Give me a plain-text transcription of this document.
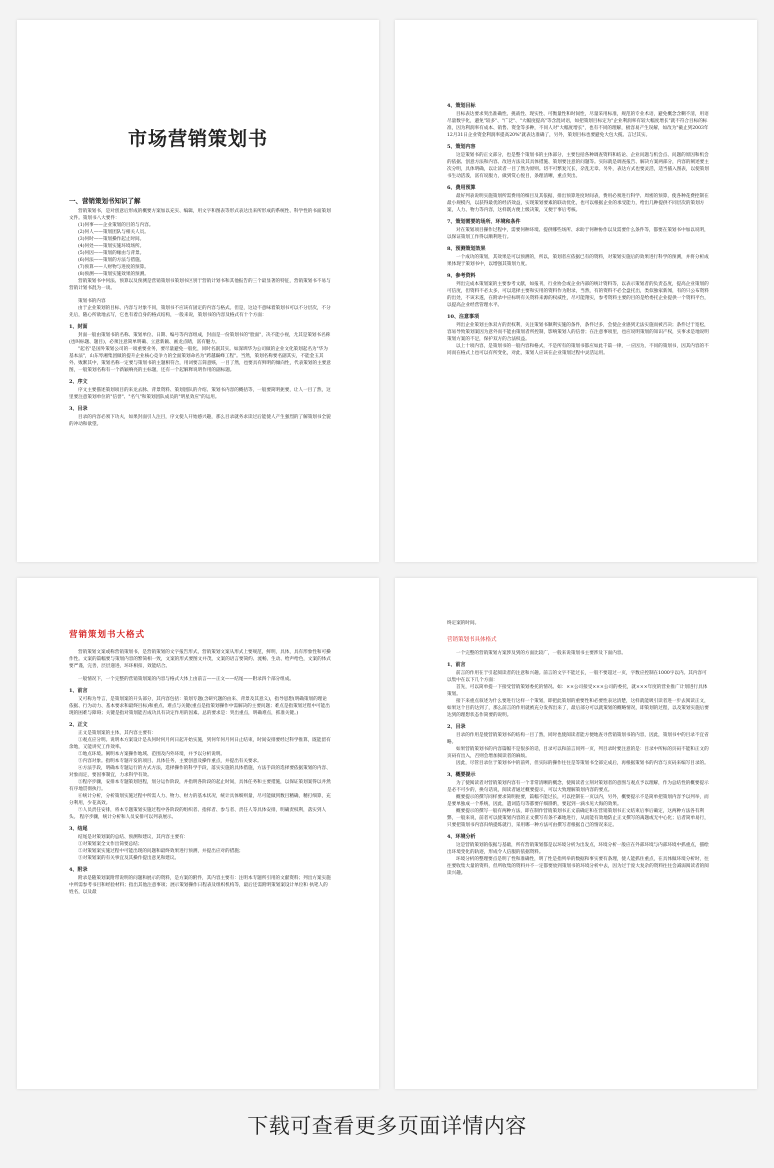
市场营销策划书
一、营销策划书知识了解

营销策划书，是对创意后形成的概要方案加以充实、编辑，用文字和图表等形式表达出来所形成的系统性、科学性的书面策划文件。策划书八大要件：

(1)何事——企业策划的目的与内容。

(2)何人——策划团队与相关人员。

(3)何时——策划操作起止时间。

(4)何处——策划实施环境场所。

(5)何因——策划的缘由与背景。

(6)何法——策划的方法与措施。

(7)预算——人财物与进度的预算。

(8)预测——策划实施效果的预测。

营销策划书中何法、预算以及预测是营销策划书策划书区别于营销计划书和其他报告的三个最显著的特征，营销策划书不易与营销计划书混为一谈。

策划书的内容

由于企业策划的目标、内容与对象不同，策划书不应该有固定的内容与格式。但是，这边不意味着策划书可以不分层次，不分先后，随心所欲地去写，它也有着自身的格式结构，一般来说，策划书的内容及格式有十个方面：

1、封面

封面一般由策划书的名称、策划单位、日期、编号等内容组成，封面是一份策划书的"脸面"，决不能小视，尤其是策划书名称(也叫标题、题目)，必须注意简单明确、立意新颖、画龙点睛，富有魅力。

"起名"是国外策划公司的一项重要业务，要尽量避免一般化，同时名副其实。如深圳华为公司做的企业文化策划起名为"华为基本法"，山东琴湘集团做的提升企业核心竞争力的全面策划命名为"跨越巅峰工程"。当然，策划名称要名副其实，不能金玉其外、败絮其中，策划名称一定要与策划书的主题相符合，用词要言简意赅，一目了然，也要具有鲜明的倾向性，代表策划的主要意图，一般策划名称有一个新颖响亮的主标题，还有一个起解释说明作用的副标题。

2、序文

序文主要描述策划项目的来龙去脉、背景资料、策划团队的介绍、策划书内容的概括等，一般要简明扼要，让人一目了然，这里要注意策划单位的"信誉"、"名气"和策划团队成员的"明星效应"的运用。

3、目录

目录的内容必须下功夫，如果封面引人注目，序文使人开始感兴趣，那么目录就务求读过后能使人产生强烈的了解策划书全貌的冲动和欲望。

4、策划目标

目标表达要求突出准确性、挑战性、现实性、可衡量性和时间性，尽量采用标准，规范的专业术语，避免概念含糊不清，用语尽量数字化，避免"较多"、"广泛"、"大幅度提高"等含混词语，如把策划目标定为"企业利润率有较大幅度增长"就不符合目标的标准，因为利润率有成本、销售、资金等多种，不同人对"大幅度增长"，也有不同的理解，极容易产生误解，如改为"截止到2003年12月31日企业资金利润率提高20%"就表达准确了，另外，策划目标也要避免大包大揽、言过其实。

5、策划内容

这是策划书的正文部分，也是整个策划书的主体部分，主要包括各种调查资料和结论、企业问题与机会点、问题的原因和机会的依据、创意方法和内容、改进方法及其具体措施、策划要注意的问题等。实际就是调查报告、解决方案两部分，内容的阐述要主次分明，具体明确，以让读者一目了然为原则。切不可繁复冗长，杂乱无章。另外，表达方式也要灵活，适当插入图表，以使策划书生动活泼，富有说服力，做到赏心悦目，条理清晰，重点突出。

6、费用预算

最好列表说明实施策划所需费用的细目及其依据，排出预算进度时间表，费用必须进行科学、周密的预算，使各种花费控制在最小规模内，以获得最优的经济效益，实现策划要素的联动优化，也可以根据企业的承受能力，给出几种提供不同层次的策划方案，人力、物力等内容，这样既方便上级决策，又便于事后考核。

7、策划需要的场所、环境和条件

对在策划项目操作过程中，需要何种环境、提供哪些场所、求助于何种协作以及需要什么条件等，都要在策划书中加以说明，以保证策划工作得以顺利进行。

8、预测策划效果

一个成功的策划，其效果是可以预测的，所以，策划者应依据已有的资料，对策划实施后的效果进行科学的预测，并将分析成果体现于策划书中，以增强其策划力度。

9、参考资料

列出完成本策划案的主要参考文献，如报刊，行业协会或企业内部的统计资料等，以表示策划者的负责态度，提高企业策划的可信度，但资料不必太多，可以选择主要和实用的资料作为附录，当然，有的资料不必全盘托出，类似独家新闻，有的只公布资料的出处，不该未遂，在附录中应标明有关资料来源的权威性，尽可能翔实，参考资料主要的目的是给委托企业提供一个资料平台，以提高企业经营管理水平。

10、注意事项

列出企业策划主体双方的责权利，关注策划书顺利实施的条件，条件过多，会使企业感到无法实施而被否决；条件过于宽松，容易导致策划案因为意外而不能由策划者所控制，影响策划人的信誉；在注意事项里，也应说明策划的知识产权，实事求是地说明策划方案的不足，保护双方的合法权益。

以上十项内容，是策划书的一般内容和格式，不是所有的策划书都应如此千篇一律，一应因为，不同的策划书，因其内容的不同而在格式上也可以有所变化，对此，策划人应该在企业策划过程中灵活运用。

营销策划书大格式

营销策划文案或称营销策划书，是营销策划的文字报告形式，营销策划文案从形式上要规范，鲜明，具体，具有形象性和可操作性。文案的篇幅要与策划内容的繁简相一致，文案的形式要图文并茂，文案的语言要简约、流畅、生动、给声给色，文案的体式要严谨，完善，层层递进，环环相扣，效能结合。

一般情况下，一个完整的营销策划案的内容与格式大体上由前言——正文——结尾——附录四个部分组成。

1、前言

又可称为导言，是策划案的开头部分，其内容包括：策划专题(含研究题的由来、背景及其意义)，指导思想(明确策划的理论依据、行为动力、基本要求和最终目标)和重点、难点与关键(重点是指策划操作中需解决的主要问题；难点是指策划过程中可能出现的困难与障碍；关键是指对策划能否成功具有决定作用的因素。总的要求是：突出重点，明确难点，抓准关键。)

2、正文

正文是策划案的主体，其内容主要有：

①观点应分明。说明本方案设计是从何时何月何日起开始实施，到何年何月何日止结束，时间安排要经过科学推算，既能留有余地，又能讲究工作效率。

②地点环境。阐明本方案操作地域、范围及内外环境，并予以分析说明。

③内容对象。指明本专题开发的项目、具体任务，主要创意及操作重点，并提出有关要求。

④方法手段，明确本专题运行的方式方法，选择操作的科学手段，落实实施的具体措施，方法手段的选择要依据策划的内容、对象而定，要因事制宜，力求科学有效。

⑤程序步骤，安排本专题策划进程，划分运作阶段，并指明各阶段的起止时间，具体任务和主要措施，以保证策划案得以井然有序地贯彻执行。

⑥统计分析，分析策划实施过程中所需人力、物力、财力的基本状况，统计具体细则量，尽可能做到数目精确，精打细算，充分利用，少花高效。

⑦人员责任安排，将本专题策划实施过程中各阶段的组织者、指挥者、参与者、责任人等具体安排，明确责权利，落实到人头。 程序步骤，统计分析和人员安排可以列表展示。

3、结尾

结尾是对策划案的总结、预测和建议，其内容主要有：

①对策划案全文作出简要总结；

②对策划案实施过程中可能出现的问题和最终效果进行预测，并提出应对的措施；

③对策划案的有关事宜及其操作提出意见和建议。

4、附录

附录是随策划案附带说明的问题和展示的资料，是方案的附件，其内容主要有：注明本专题所引用的文献资料；列出方案实施中所需参考书目和经验材料；指出其他注意事项；展示策划操作日程表及组织机构等，最后还需附明策划案设计单位和 执笔人的姓名，以及最

终定案的时间。

营销策划书具体格式

一个完整的营销策划方案涉及到的方面比较广，一般来说策划书主要涉及下面内容。

1、前言

前言的作用在于引起阅读者的注意和兴趣。前言的文字不能过长，一般不要超过一页，字数应控制在1000字以内。其内容可以集中在以下几个方面：

首先，可以简单提一下接受营销策划委托的情况。如：××公司接受×××公司的委托，就×××年度的营业推广计划进行具体策划。

接下来重点叙述为什么要进行这样一个策划，即把此策划的重要性和必要性表达清楚，这样就能吸引读者进一步去阅读正文，如果这个目的达到了，那么前言的作用就被充分发挥出来了，最后部分可以就策划的概略情况，即策划的过程，以及策划实施后要达到的理想状态作简要的说明。

2、目录

目录的作用是使营销策划书的结构一目了然，同时也使阅读者能方便地查寻营销策划书的内容，因此，策划书中的目录不宜省略。

如果营销策划书的内容篇幅不是很多的话，目录可以和前言同列一页，列目录时要注意的是：目录中所标的页码不能和正文的页码有出入，否则会增加阅读者的麻烦。

因此，尽管目录位于策划书中的前列，但实际的操作往往是等策划书全部完成后，再根据策划书的内容与页码来编写目录的。

3、概要提示

为了使阅读者对营销策划内容有一个非常清晰的概念，使阅读者立刻对策划者的意图与观点予以理解，作为总结性的概要提示是必不可少的，换句话说，阅读者通过概要提示，可以大致理解策划内容的要点。

概要提示的撰写同样要求简明扼要，篇幅不能过长，可以控制在一页以内，另外，概要提示不是简单把策划内容予以列举，而是要单独成一个系统，因此，遣词造句等都要仔细斟酌，要起到一滴水见大海的效果。

概要提示的撰写一般有两种方法，即在制作营销策划书正文前确定和在营销策划书正文结束后事后确定，这两种方法各有利弊，一般来说，前者可以使策划内容的正文撰写有条不紊地进行，从而能有效地防止正文撰写的离题或无中心化；后者简单易行，只要把策划书内容归纳提炼就行，采用哪一种方法可由撰写者根据自己的情况来定。

4、环境分析

这是营销策划的依据与基础，所有营销策划都是以环境分析为出发点，环境分析一般应在外部环境与内部环境中抓重点，描绘出环境变化的轨迹，形成令人信服的依据资料。

环境分析的整理要点是明了性和准确性，明了性是指列举的数据和事实要有条理，使人能抓住重点，在具体做环境分析时，往往要收集大量的资料，但所收集的资料并不一定都要放到策划书的环境分析中去，因为过于庞大复杂的资料往往会减弱阅读者的阅读兴趣。

下载可查看更多页面详情内容
